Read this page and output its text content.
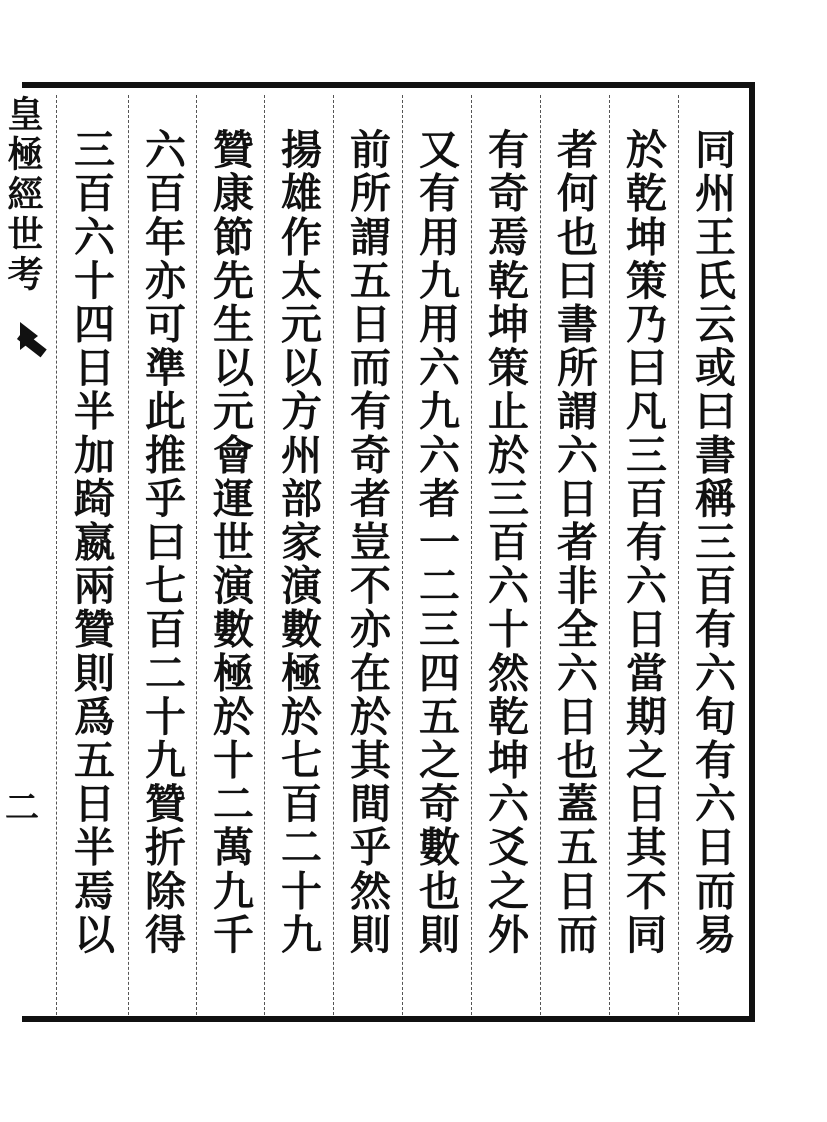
同州王氏云或曰書稱三百有六旬有六日而易
於乾坤策乃曰凡三百有六日當期之日其不同
者何也曰書所謂六日者非全六日也蓋五日而
有奇焉乾坤策止於三百六十然乾坤六爻之外
又有用九用六九六者一二三四五之奇數也則
前所謂五日而有奇者豈不亦在於其間乎然則
揚雄作太元以方州部家演數極於七百二十九
贊康節先生以元會運世演數極於十二萬九千
六百年亦可準此推乎曰七百二十九贊折除得
三百六十四日半加踦嬴兩贊則爲五日半焉以
皇極經世考
二
